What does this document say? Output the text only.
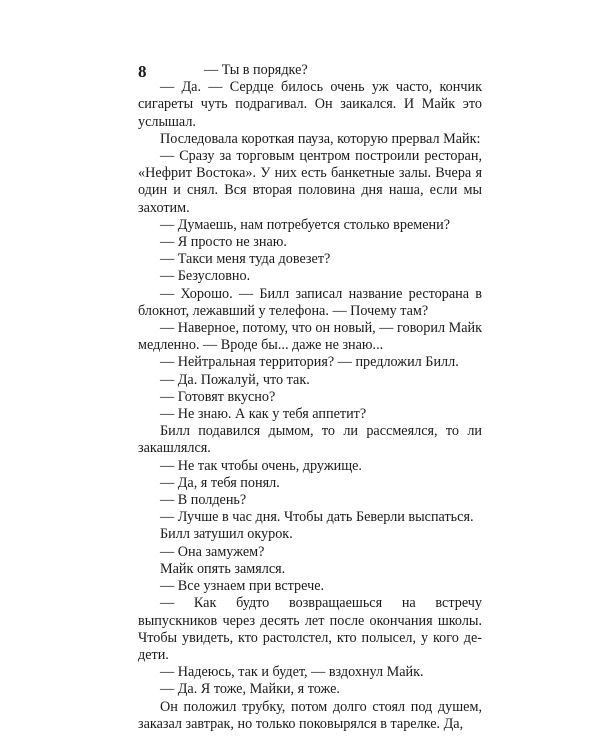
8	— Ты в порядке?

— Да. — Сердце билось очень уж часто, кончик сигареты чуть подрагивал. Он заикался. И Майк это услышал.

Последовала короткая пауза, которую прервал Майк:

— Сразу за торговым центром построили ресторан, «Нефрит Востока». У них есть банкетные залы. Вчера я один и снял. Вся вторая половина дня наша, если мы захотим.

— Думаешь, нам потребуется столько времени?

— Я просто не знаю.

— Такси меня туда довезет?

— Безусловно.

— Хорошо. — Билл записал название ресторана в блокнот, лежавший у телефона. — Почему там?

— Наверное, потому, что он новый, — говорил Майк медленно. — Вроде бы... даже не знаю...

— Нейтральная территория? — предложил Билл.

— Да. Пожалуй, что так.

— Готовят вкусно?

— Не знаю. А как у тебя аппетит?

Билл подавился дымом, то ли рассмеялся, то ли закашлялся.

— Не так чтобы очень, дружище.

— Да, я тебя понял.

— В полдень?

— Лучше в час дня. Чтобы дать Беверли выспаться.

Билл затушил окурок.

— Она замужем?

Майк опять замялся.

— Все узнаем при встрече.

— Как будто возвращаешься на встречу выпускников через десять лет после окончания школы. Чтобы увидеть, кто растолстел, кто полысел, у кого де-дети.

— Надеюсь, так и будет, — вздохнул Майк.

— Да. Я тоже, Майки, я тоже.

Он положил трубку, потом долго стоял под душем, заказал завтрак, но только поковырялся в тарелке. Да,
